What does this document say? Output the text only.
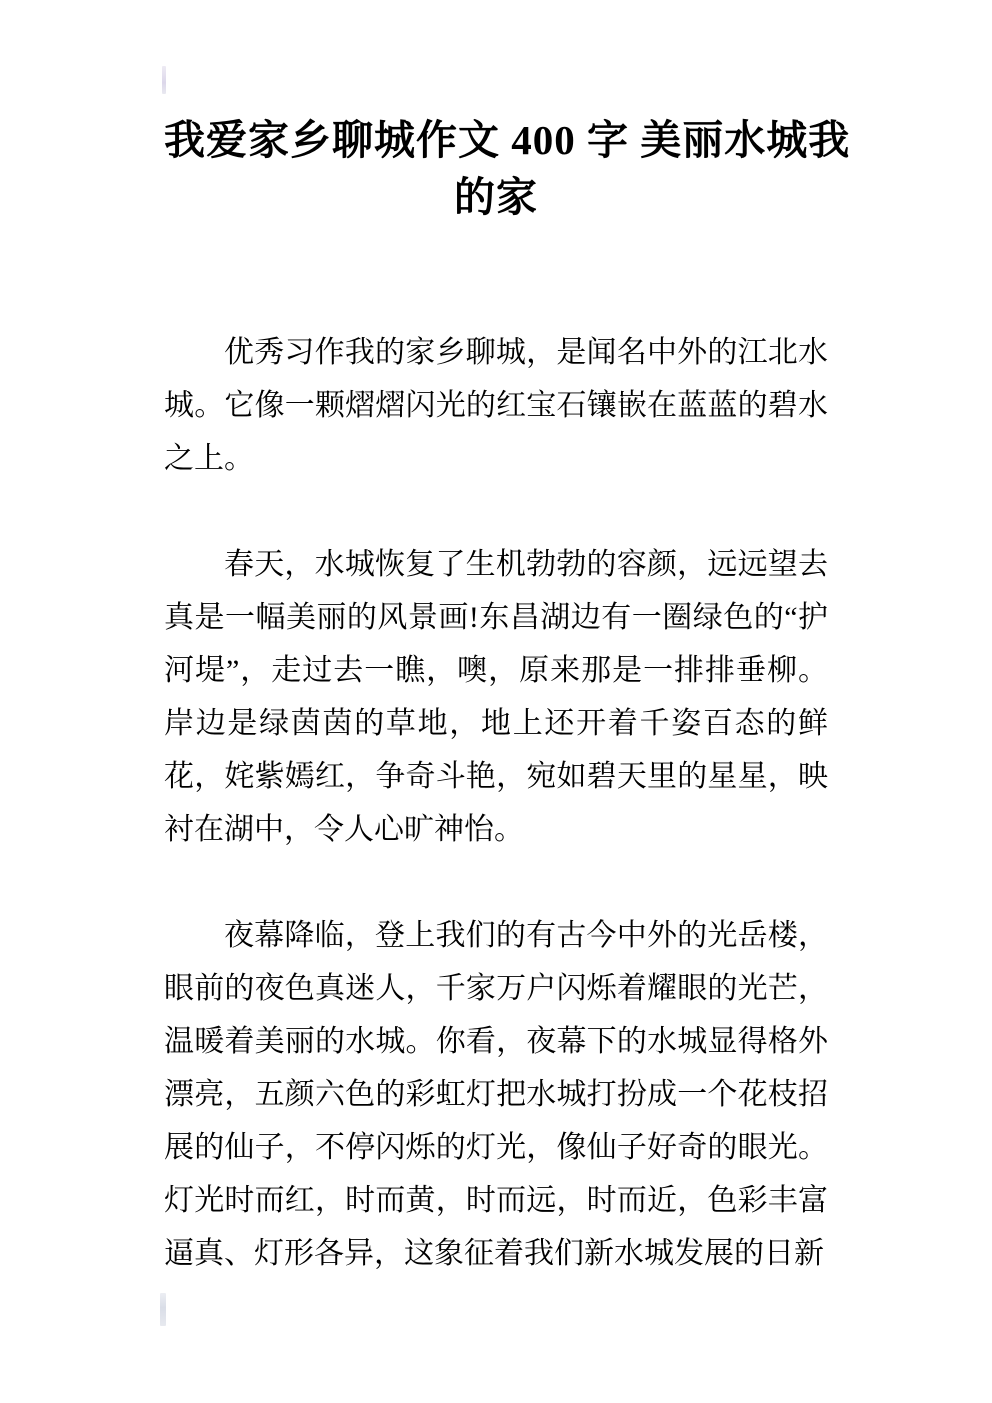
我爱家乡聊城作文 400 字 美丽水城我
的家

优秀习作我的家乡聊城，是闻名中外的江北水城。它像一颗熠熠闪光的红宝石镶嵌在蓝蓝的碧水之上。

春天，水城恢复了生机勃勃的容颜，远远望去真是一幅美丽的风景画!东昌湖边有一圈绿色的“护河堤”，走过去一瞧，噢，原来那是一排排垂柳。岸边是绿茵茵的草地，地上还开着千姿百态的鲜花，姹紫嫣红，争奇斗艳，宛如碧天里的星星，映衬在湖中，令人心旷神怡。

夜幕降临，登上我们的有古今中外的光岳楼，眼前的夜色真迷人，千家万户闪烁着耀眼的光芒，温暖着美丽的水城。你看，夜幕下的水城显得格外漂亮，五颜六色的彩虹灯把水城打扮成一个花枝招展的仙子，不停闪烁的灯光，像仙子好奇的眼光。灯光时而红，时而黄，时而远，时而近，色彩丰富逼真、灯形各异，这象征着我们新水城发展的日新
